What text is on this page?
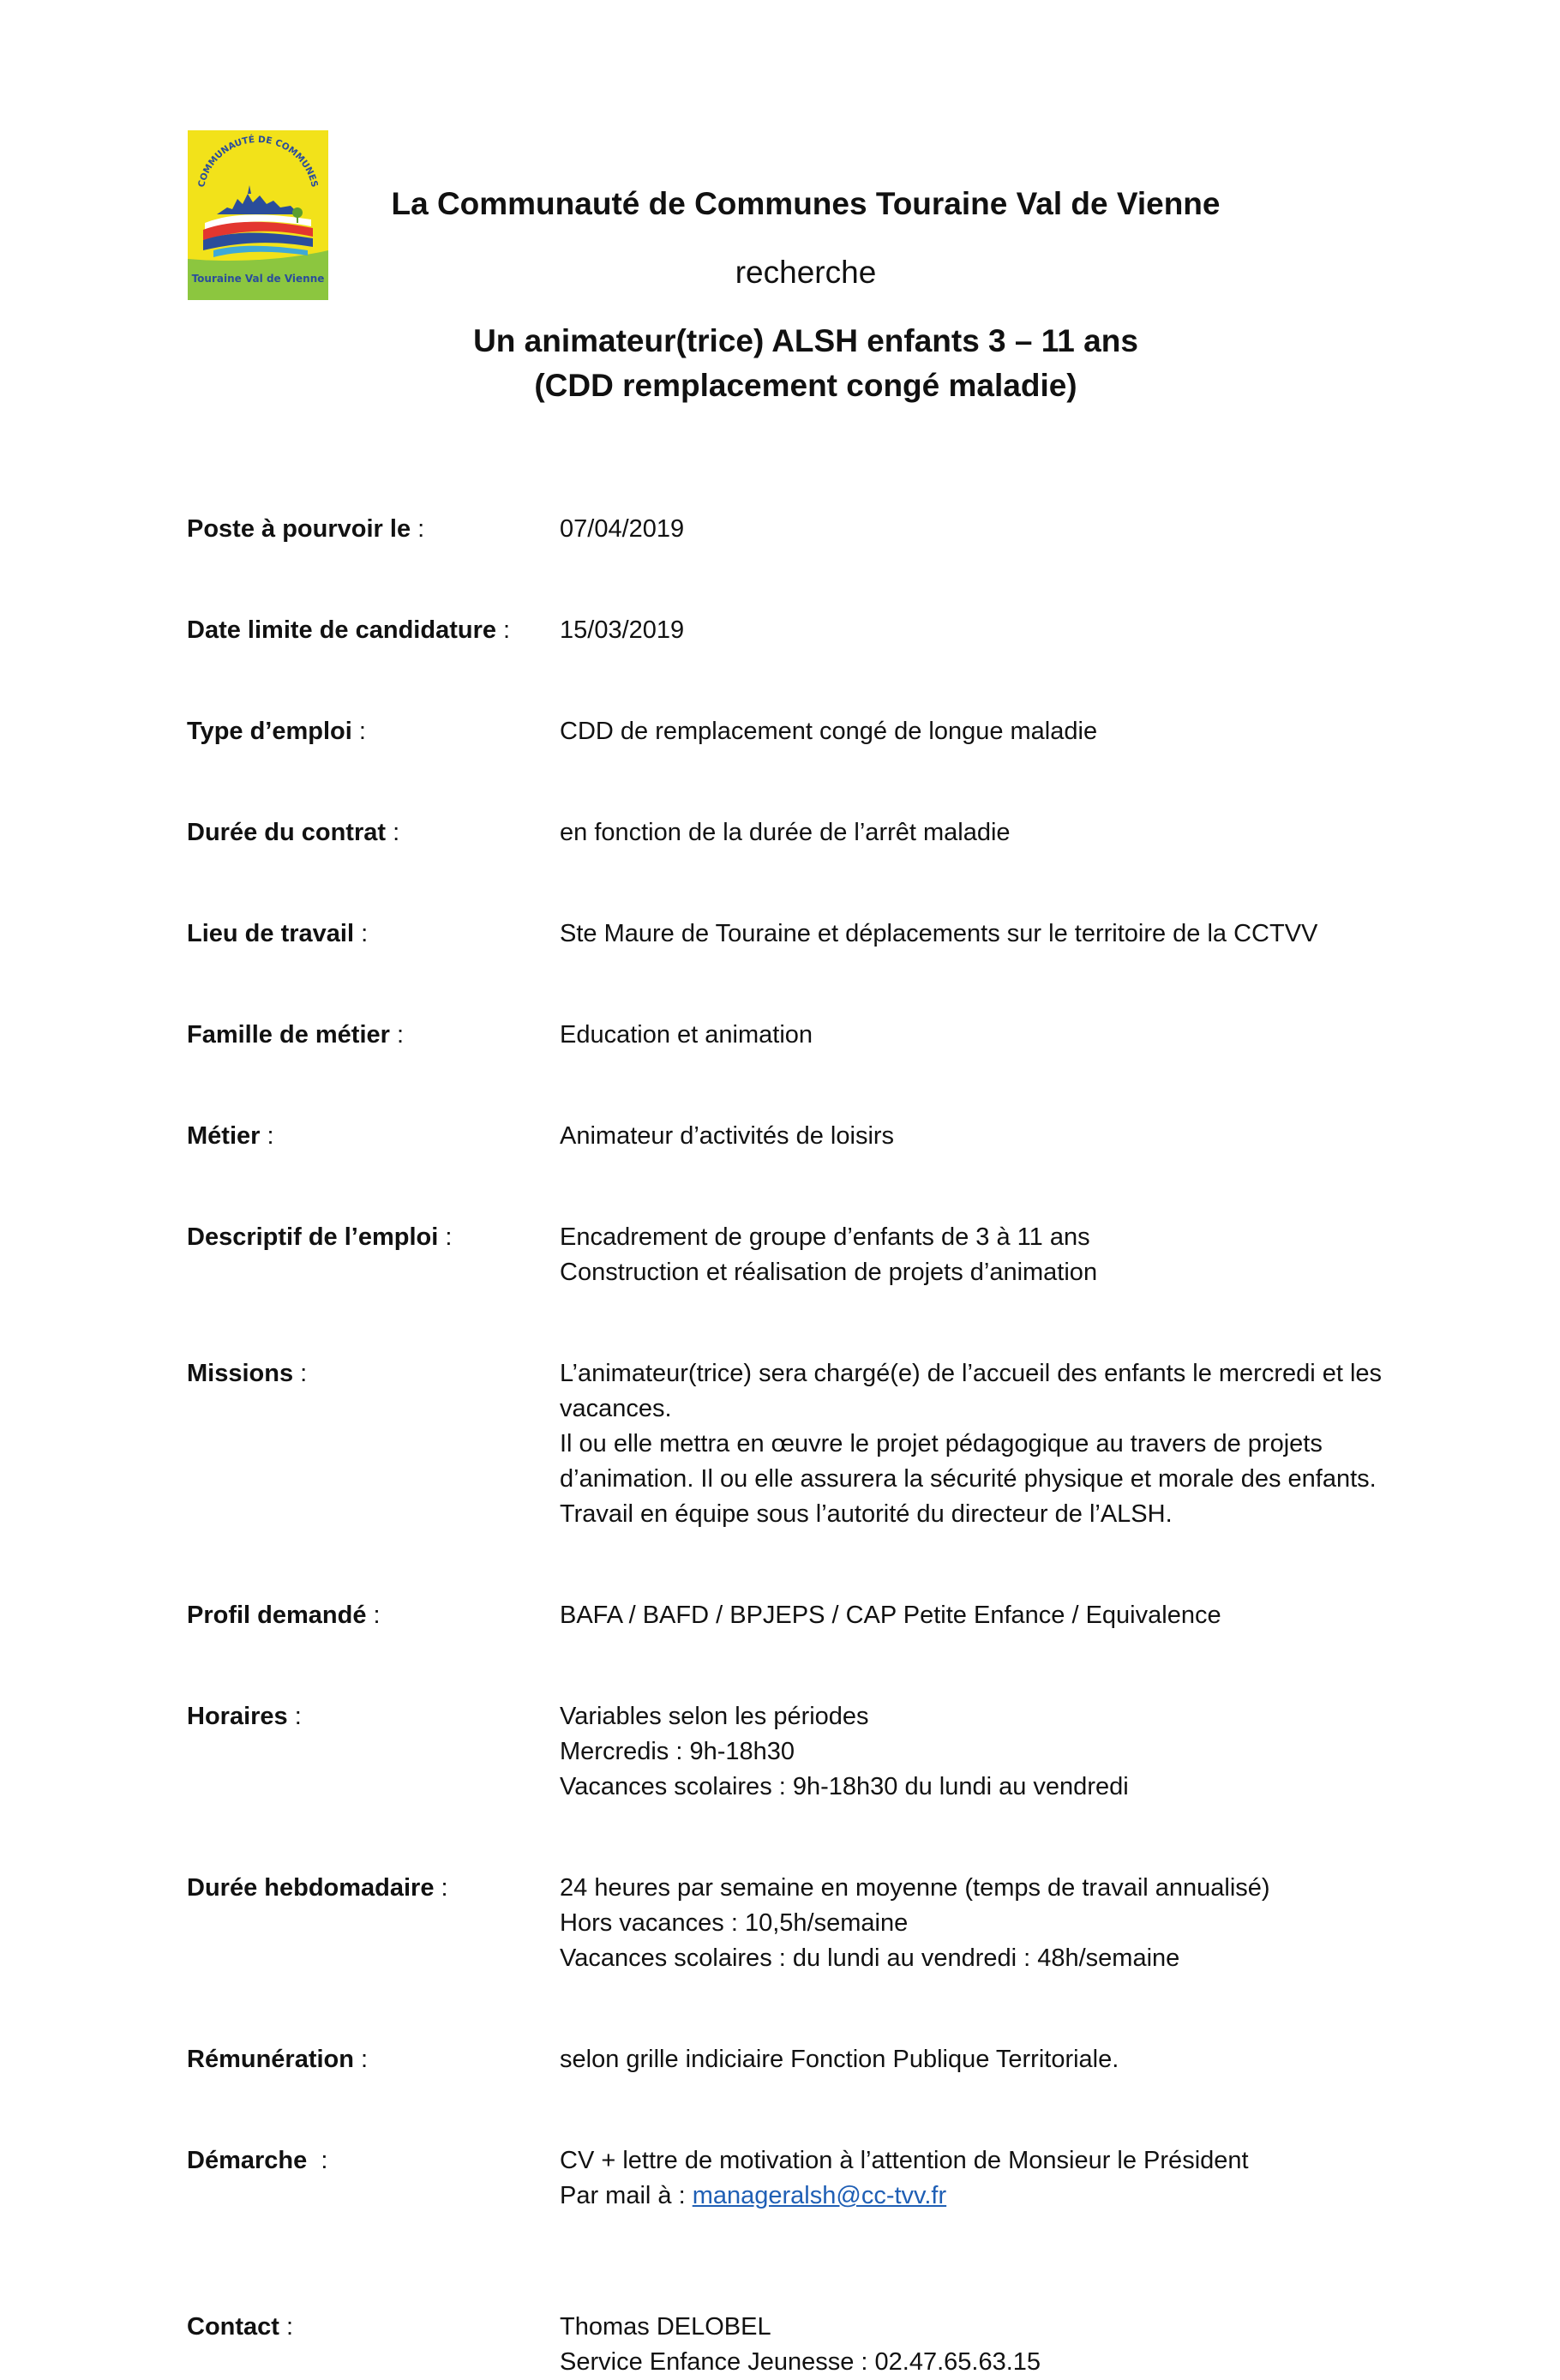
COMMUNAUTÉ DE COMMUNES
Touraine Val de Vienne
La Communauté de Communes Touraine Val de Vienne
recherche
Un animateur(trice) ALSH enfants 3 – 11 ans
(CDD remplacement congé maladie)
Poste à pourvoir le :	07/04/2019
Date limite de candidature :	15/03/2019
Type d’emploi :	CDD de remplacement congé de longue maladie
Durée du contrat :	en fonction de la durée de l’arrêt maladie
Lieu de travail :	Ste Maure de Touraine et déplacements sur le territoire de la CCTVV
Famille de métier :	Education et animation
Métier :	Animateur d’activités de loisirs
Descriptif de l’emploi :	Encadrement de groupe d’enfants de 3 à 11 ans
Construction et réalisation de projets d’animation
Missions :	L’animateur(trice) sera chargé(e) de l’accueil des enfants le mercredi et les vacances.
Il ou elle mettra en œuvre le projet pédagogique au travers de projets d’animation. Il ou elle assurera la sécurité physique et morale des enfants.
Travail en équipe sous l’autorité du directeur de l’ALSH.
Profil demandé :	BAFA / BAFD / BPJEPS / CAP Petite Enfance / Equivalence
Horaires :	Variables selon les périodes
Mercredis : 9h-18h30
Vacances scolaires : 9h-18h30 du lundi au vendredi
Durée hebdomadaire :	24 heures par semaine en moyenne (temps de travail annualisé)
Hors vacances : 10,5h/semaine
Vacances scolaires : du lundi au vendredi : 48h/semaine
Rémunération :	selon grille indiciaire Fonction Publique Territoriale.
Démarche  :	CV + lettre de motivation à l’attention de Monsieur le Président
Par mail à : manageralsh@cc-tvv.fr
Contact :	Thomas DELOBEL
Service Enfance Jeunesse : 02.47.65.63.15
